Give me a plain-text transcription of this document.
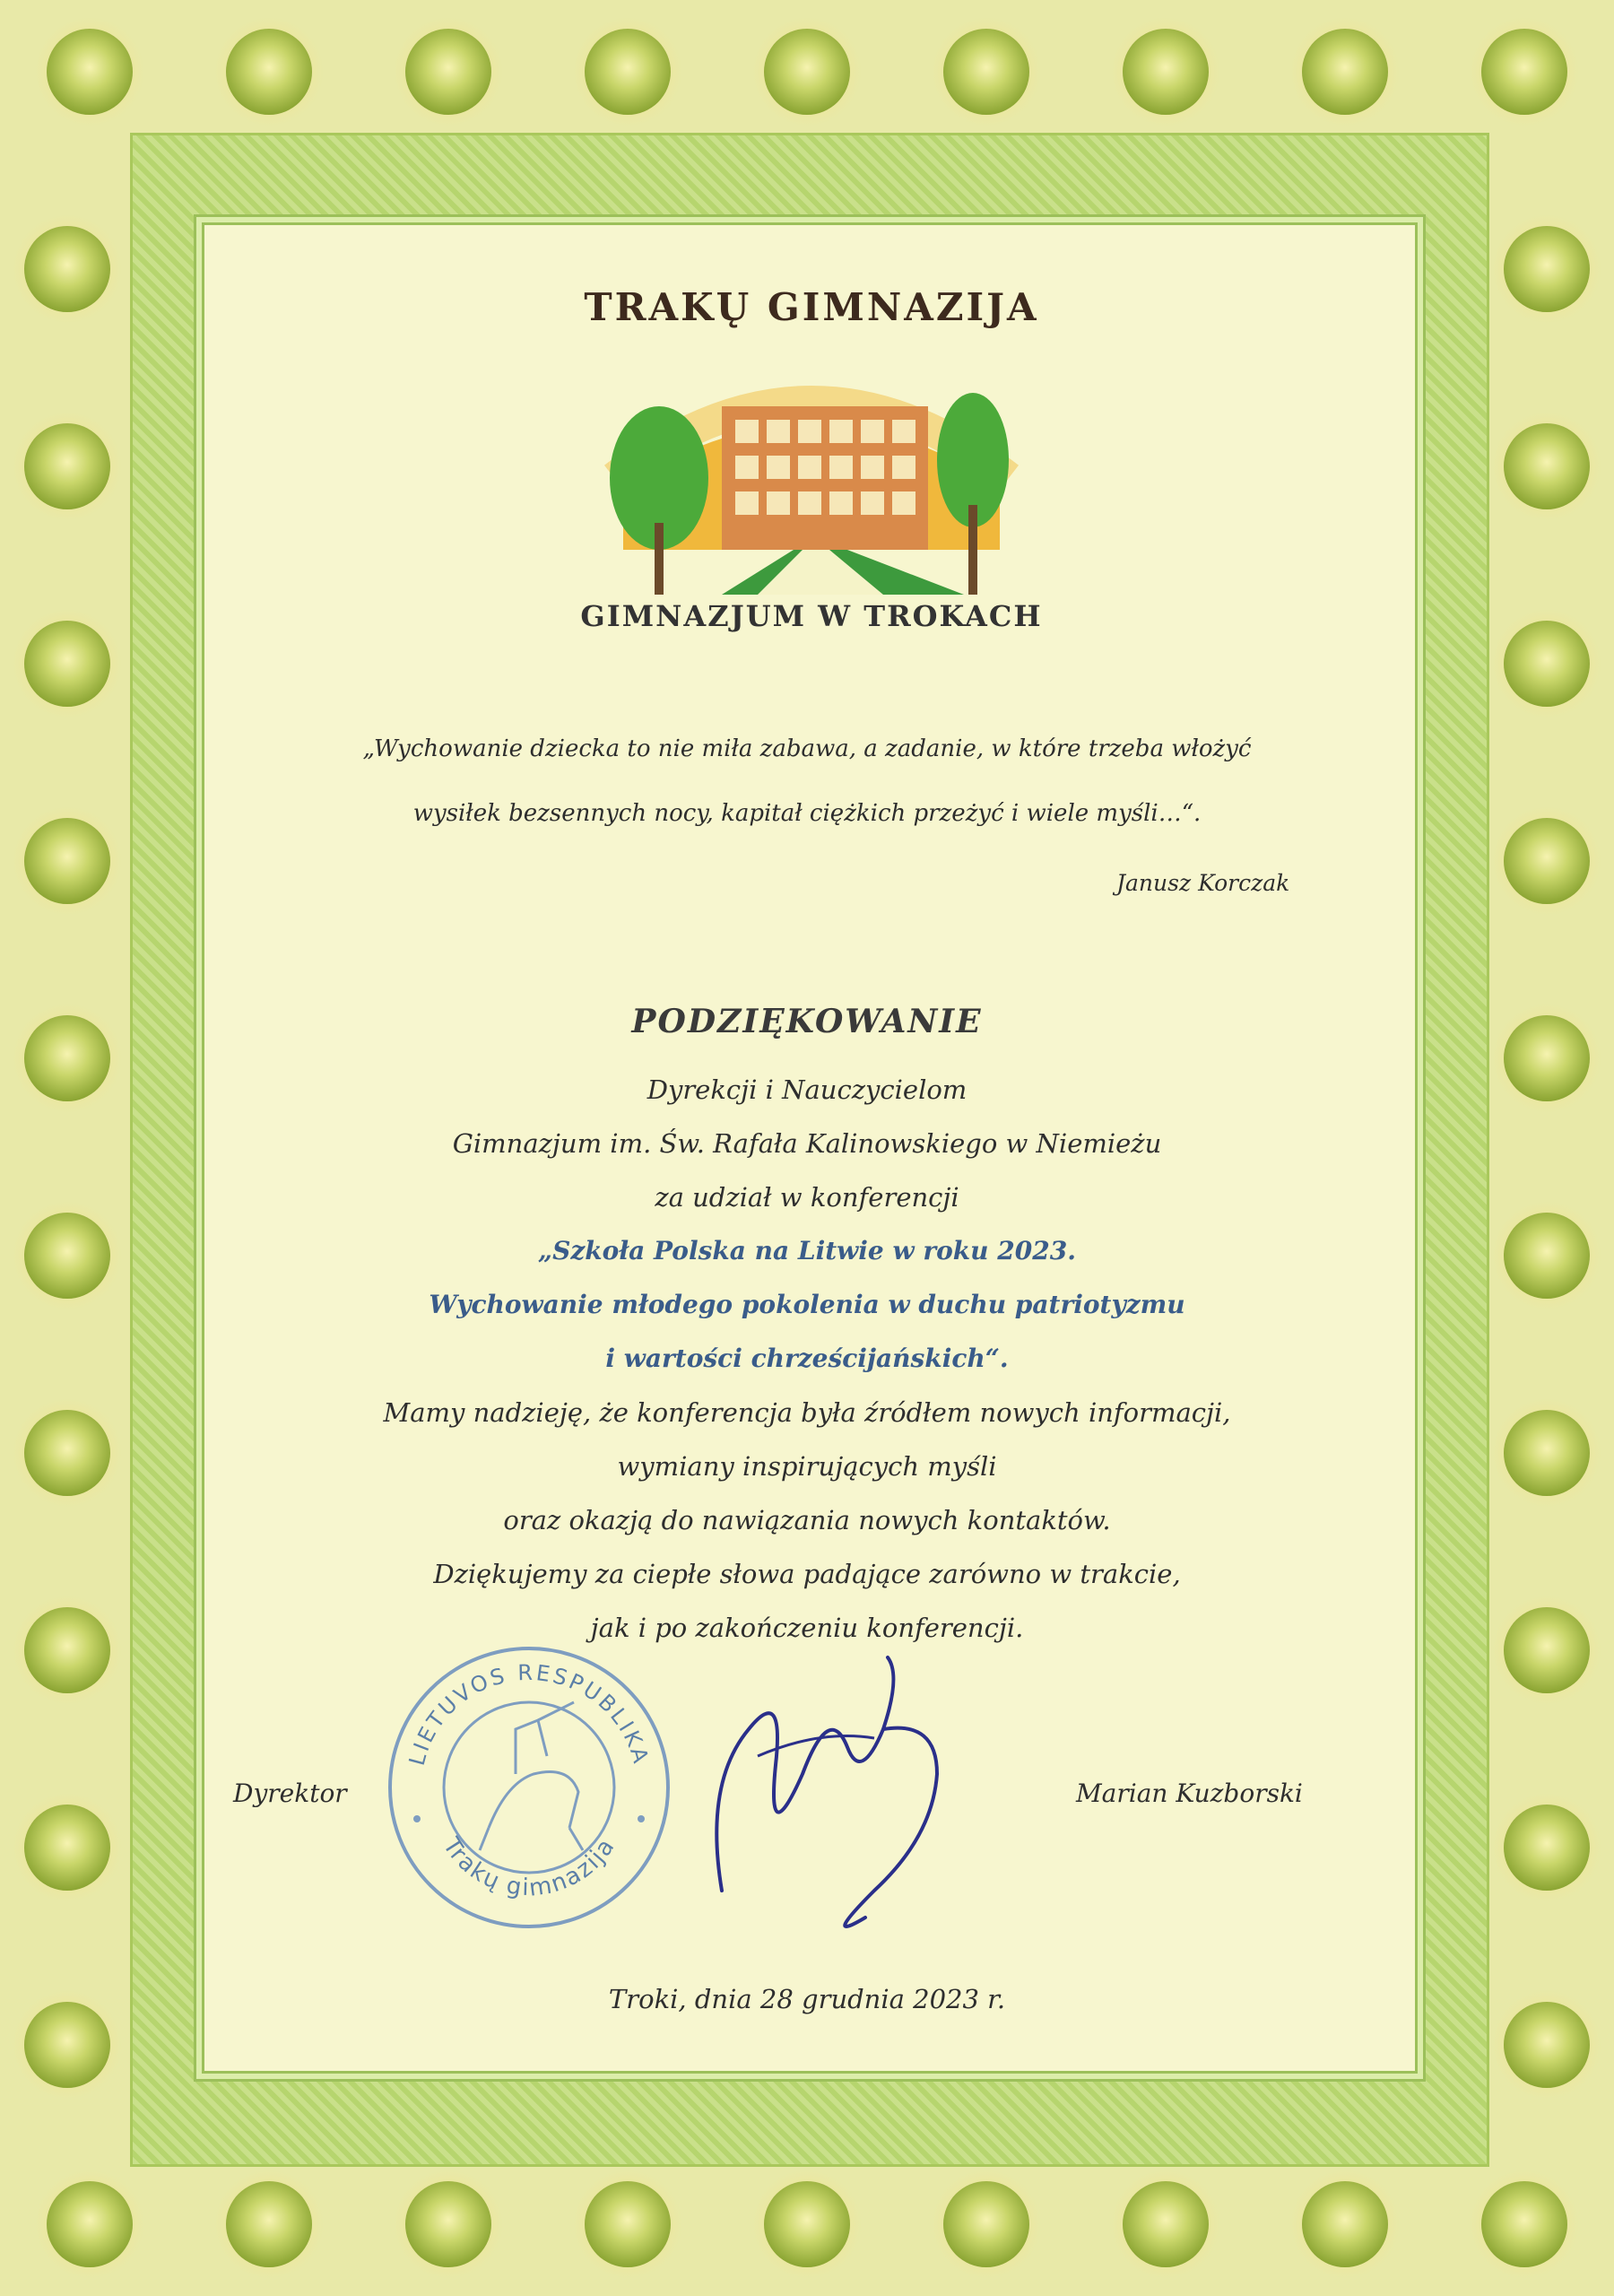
TRAKŲ GIMNAZIJA
GIMNAZJUM W TROKACH
„Wychowanie dziecka to nie miła zabawa, a zadanie, w które trzeba włożyć
wysiłek bezsennych nocy, kapitał ciężkich przeżyć i wiele myśli…“.
Janusz Korczak
PODZIĘKOWANIE
Dyrekcji i Nauczycielom
Gimnazjum im. Św. Rafała Kalinowskiego w Niemieżu
za udział w konferencji
„Szkoła Polska na Litwie w roku 2023.
Wychowanie młodego pokolenia w duchu patriotyzmu
i wartości chrześcijańskich“.
Mamy nadzieję, że konferencja była źródłem nowych informacji,
wymiany inspirujących myśli
oraz okazją do nawiązania nowych kontaktów.
Dziękujemy za ciepłe słowa padające zarówno w trakcie,
jak i po zakończeniu konferencji.
Dyrektor	Marian Kuzborski
LIETUVOS RESPUBLIKA
Trakų gimnazija
Troki, dnia 28 grudnia 2023 r.
